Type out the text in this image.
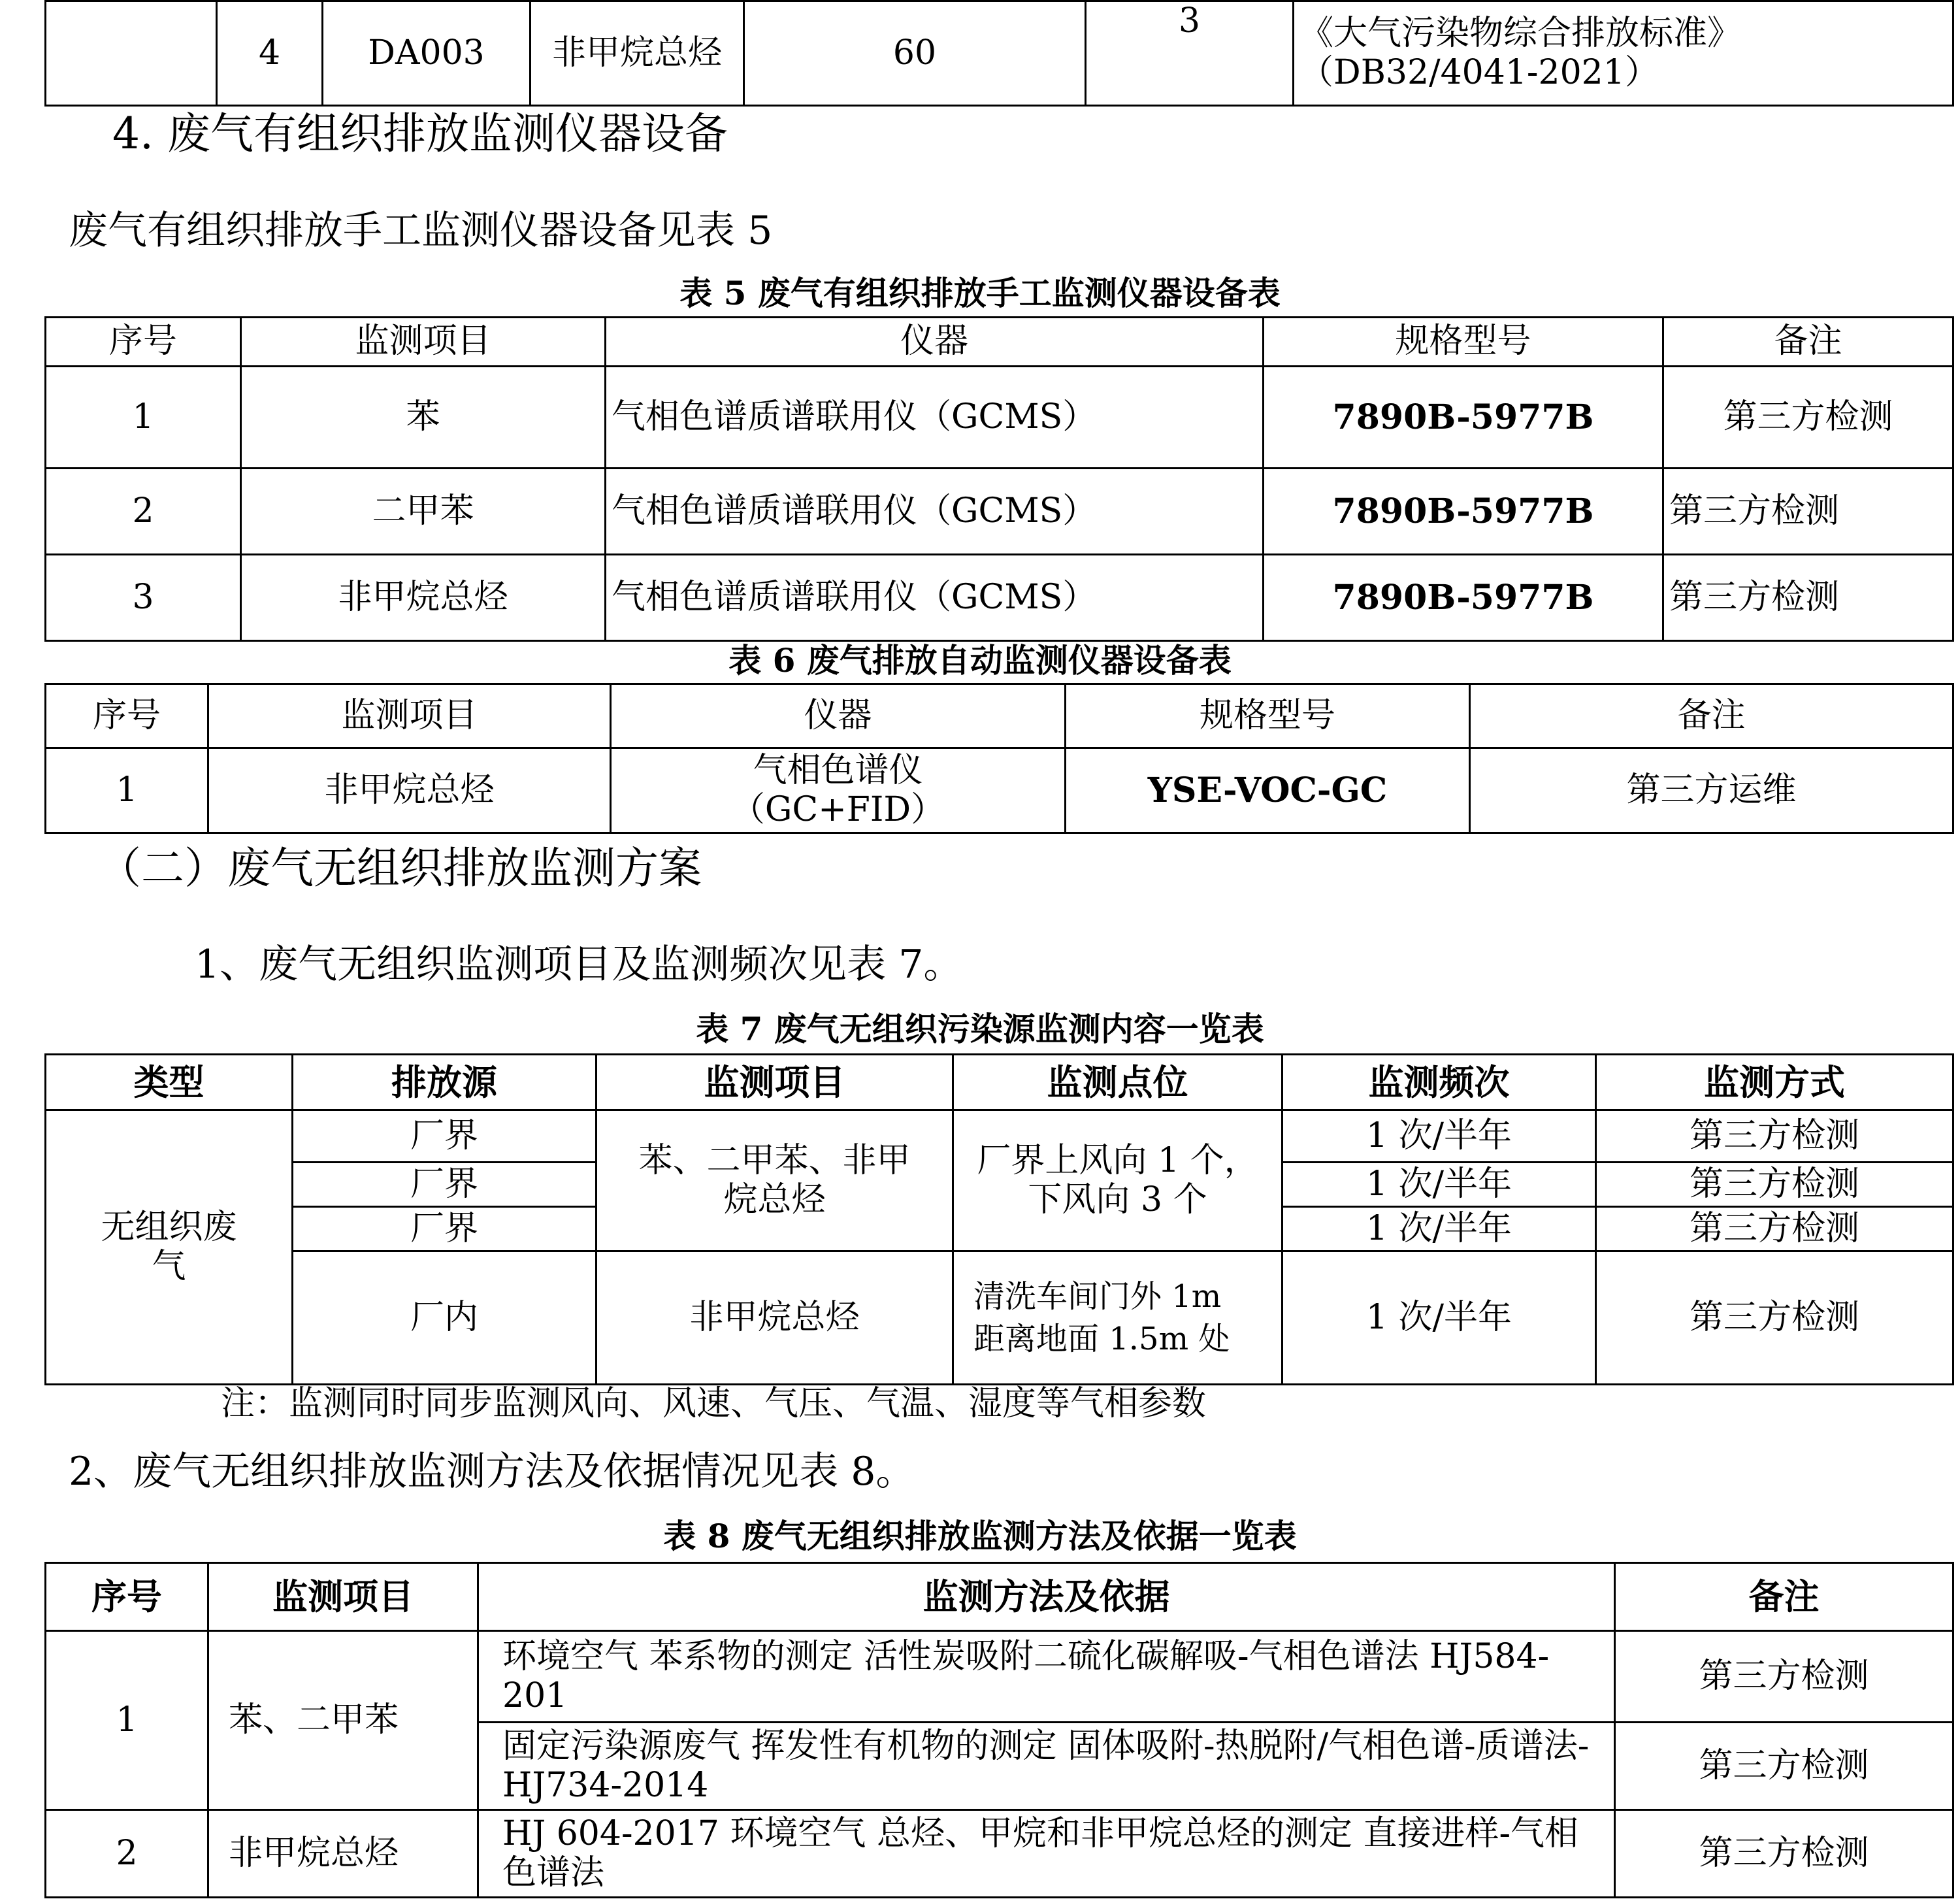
	4	DA003	非甲烷总烃	60	3	《大气污染物综合排放标准》（DB32/4041-2021）
4. 废气有组织排放监测仪器设备
废气有组织排放手工监测仪器设备见表 5
表 5 废气有组织排放手工监测仪器设备表
序号	监测项目	仪器	规格型号	备注
1	苯	气相色谱质谱联用仪（GCMS）	7890B-5977B	第三方检测
2	二甲苯	气相色谱质谱联用仪（GCMS）	7890B-5977B	第三方检测
3	非甲烷总烃	气相色谱质谱联用仪（GCMS）	7890B-5977B	第三方检测
表 6 废气排放自动监测仪器设备表
序号	监测项目	仪器	规格型号	备注
1	非甲烷总烃	气相色谱仪（GC+FID）	YSE-VOC-GC	第三方运维
（二）废气无组织排放监测方案
1、废气无组织监测项目及监测频次见表 7。
表 7 废气无组织污染源监测内容一览表
类型	排放源	监测项目	监测点位	监测频次	监测方式
无组织废气	厂界	苯、二甲苯、非甲烷总烃	厂界上风向 1 个，下风向 3 个	1 次/半年	第三方检测
	厂界			1 次/半年	第三方检测
	厂界			1 次/半年	第三方检测
	厂内	非甲烷总烃	清洗车间门外 1m 距离地面 1.5m 处	1 次/半年	第三方检测
注：监测同时同步监测风向、风速、气压、气温、湿度等气相参数
2、废气无组织排放监测方法及依据情况见表 8。
表 8 废气无组织排放监测方法及依据一览表
序号	监测项目	监测方法及依据	备注
1	苯、二甲苯	环境空气 苯系物的测定 活性炭吸附二硫化碳解吸-气相色谱法 HJ584-201	第三方检测
		固定污染源废气 挥发性有机物的测定 固体吸附-热脱附/气相色谱-质谱法-HJ734-2014	第三方检测
2	非甲烷总烃	HJ 604-2017 环境空气 总烃、甲烷和非甲烷总烃的测定 直接进样-气相色谱法	第三方检测
